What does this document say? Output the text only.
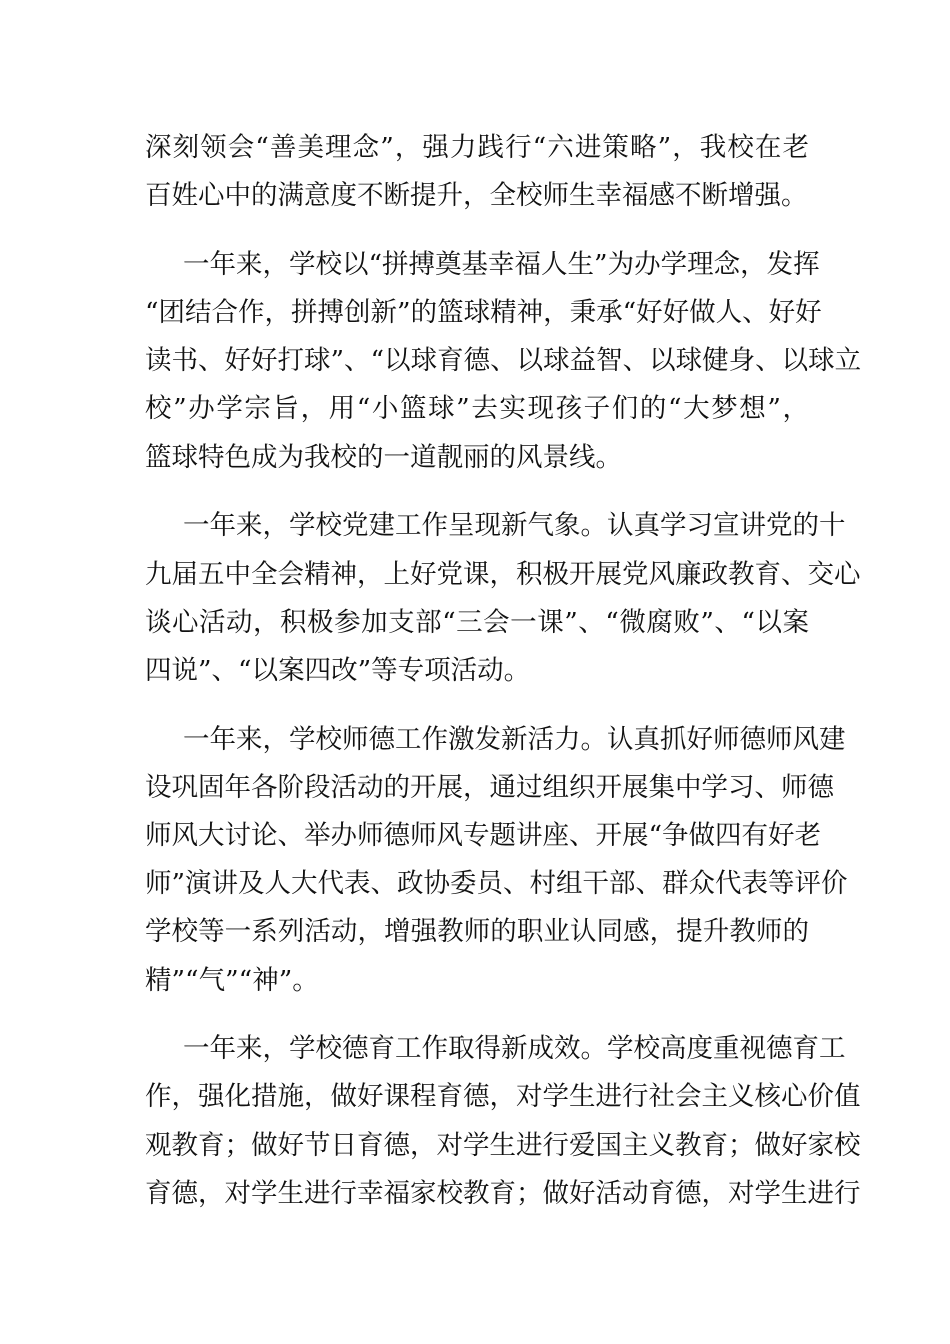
深刻领会“善美理念”，强力践行“六进策略”，我校在老
百姓心中的满意度不断提升，全校师生幸福感不断增强。
一年来，学校以“拼搏奠基幸福人生”为办学理念，发挥
“团结合作，拼搏创新”的篮球精神，秉承“好好做人、好好
读书、好好打球”、“以球育德、以球益智、以球健身、以球立
校”办学宗旨，用“小篮球”去实现孩子们的“大梦想”，
篮球特色成为我校的一道靓丽的风景线。
一年来，学校党建工作呈现新气象。认真学习宣讲党的十
九届五中全会精神，上好党课，积极开展党风廉政教育、交心
谈心活动，积极参加支部“三会一课”、“微腐败”、“以案
四说”、“以案四改”等专项活动。
一年来，学校师德工作激发新活力。认真抓好师德师风建
设巩固年各阶段活动的开展，通过组织开展集中学习、师德
师风大讨论、举办师德师风专题讲座、开展“争做四有好老
师”演讲及人大代表、政协委员、村组干部、群众代表等评价
学校等一系列活动，增强教师的职业认同感，提升教师的
精”“气”“神”。
一年来，学校德育工作取得新成效。学校高度重视德育工
作，强化措施，做好课程育德，对学生进行社会主义核心价值
观教育；做好节日育德，对学生进行爱国主义教育；做好家校
育德，对学生进行幸福家校教育；做好活动育德，对学生进行
